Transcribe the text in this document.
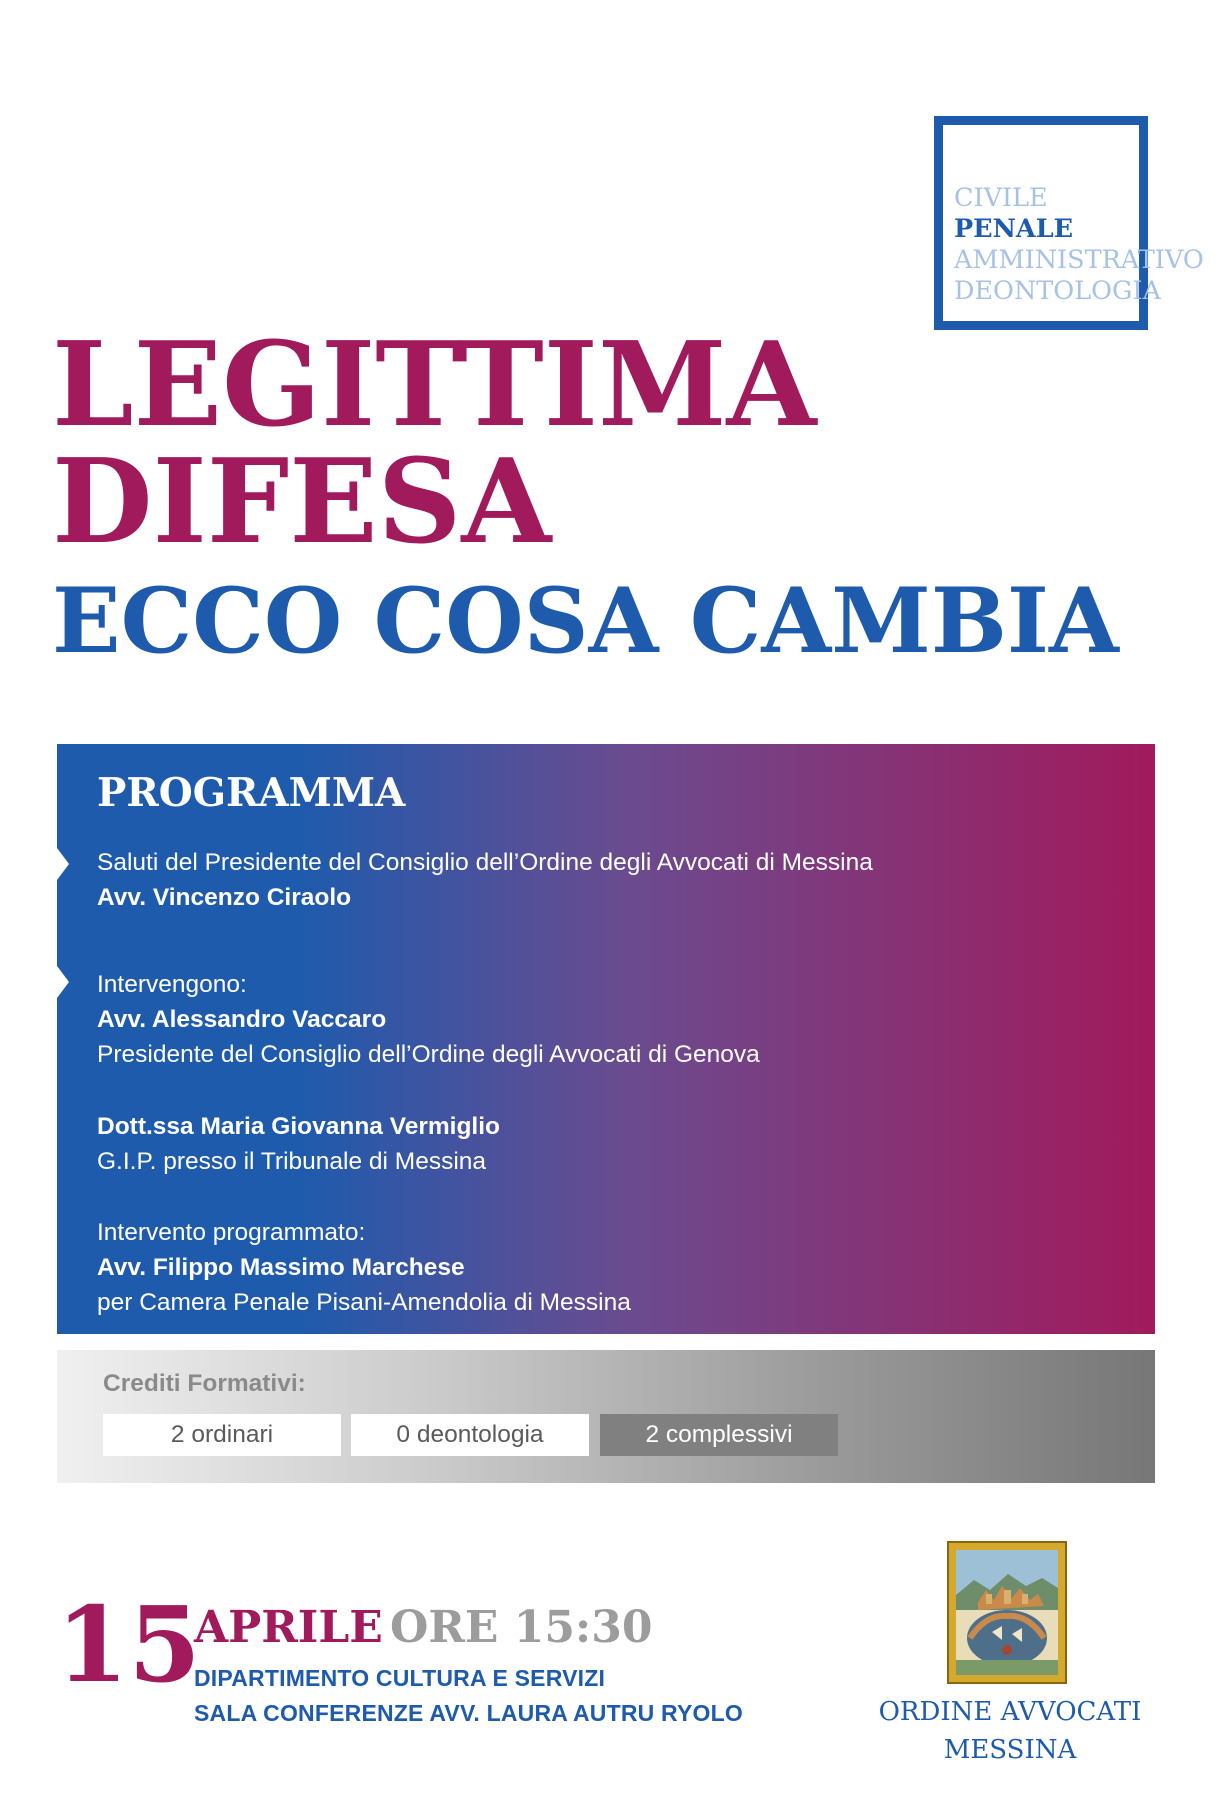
CIVILE
PENALE
AMMINISTRATIVO
DEONTOLOGIA
LEGITTIMA
DIFESA
ECCO COSA CAMBIA
PROGRAMMA
Saluti del Presidente del Consiglio dell’Ordine degli Avvocati di Messina
Avv. Vincenzo Ciraolo
Intervengono:
Avv. Alessandro Vaccaro
Presidente del Consiglio dell’Ordine degli Avvocati di Genova
Dott.ssa Maria Giovanna Vermiglio
G.I.P. presso il Tribunale di Messina
Intervento programmato:
Avv. Filippo Massimo Marchese
per Camera Penale Pisani-Amendolia di Messina
Crediti Formativi:
2 ordinari	0 deontologia	2 complessivi
15
APRILE ORE 15:30
DIPARTIMENTO CULTURA E SERVIZI
SALA CONFERENZE AVV. LAURA AUTRU RYOLO	ORDINE AVVOCATI
MESSINA
